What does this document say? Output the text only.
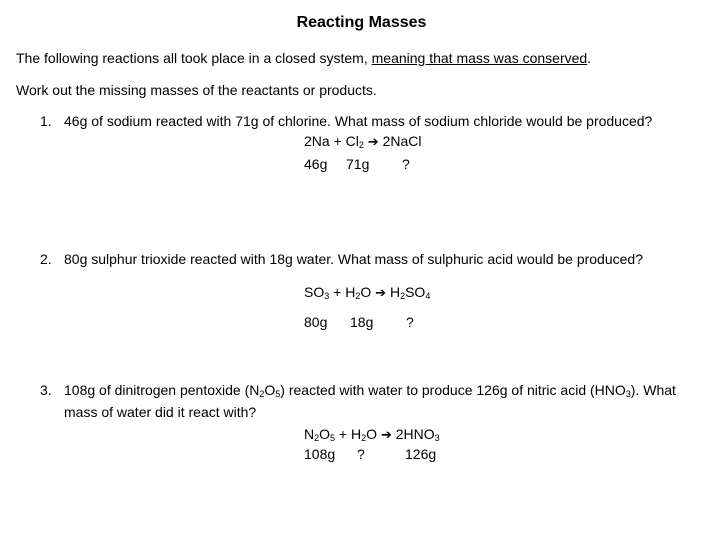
Reacting Masses
The following reactions all took place in a closed system, meaning that mass was conserved.
Work out the missing masses of the reactants or products.
1. 46g of sodium reacted with 71g of chlorine. What mass of sodium chloride would be produced?
$2Na + Cl_2$ ➔ 2NaCl
46g 71g ?
2. 80g sulphur trioxide reacted with 18g water. What mass of sulphuric acid would be produced?
$SO_3 + H_2O$ ➔ $H_2SO_4$
80g 18g ?
3. 108g of dinitrogen pentoxide $(N_2O_5)$ reacted with water to produce 126g of nitric acid $(HNO_3)$. What
mass of water did it react with?
$N_2O_5 + H_2O$ ➔ $2HNO_3$
108g ?	126g
